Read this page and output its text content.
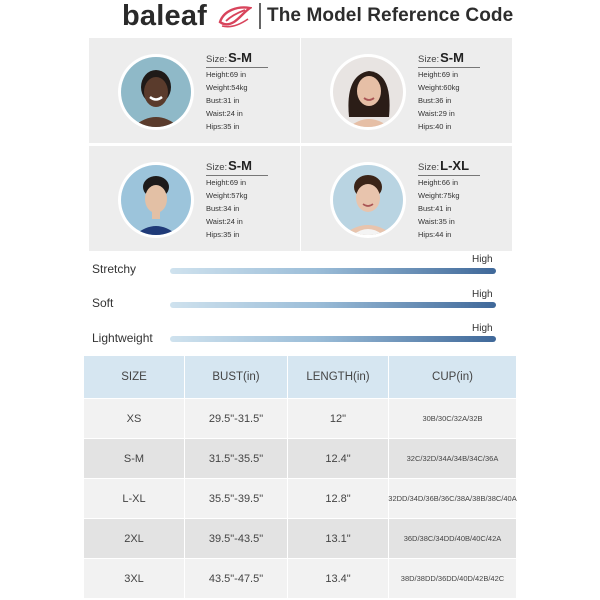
baleaf	The Model Reference Code
Size:S-M
Height:69 in
Weight:54kg
Bust:31 in
Waist:24 in
Hips:35 in
Size:S-M
Height:69 in
Weight:60kg
Bust:36 in
Waist:29 in
Hips:40 in
Size:S-M
Height:69 in
Weight:57kg
Bust:34 in
Waist:24 in
Hips:35 in
Size:L-XL
Height:66 in
Weight:75kg
Bust:41 in
Waist:35 in
Hips:44 in
Stretchy
High
Soft
High
Lightweight
High
SIZE	BUST(in)	LENGTH(in)	CUP(in)
XS	29.5"-31.5"	12"	30B/30C/32A/32B
S-M	31.5"-35.5"	12.4"	32C/32D/34A/34B/34C/36A
L-XL	35.5"-39.5"	12.8"	32DD/34D/36B/36C/38A/38B/38C/40A
2XL	39.5"-43.5"	13.1"	36D/38C/34DD/40B/40C/42A
3XL	43.5"-47.5"	13.4"	38D/38DD/36DD/40D/42B/42C
